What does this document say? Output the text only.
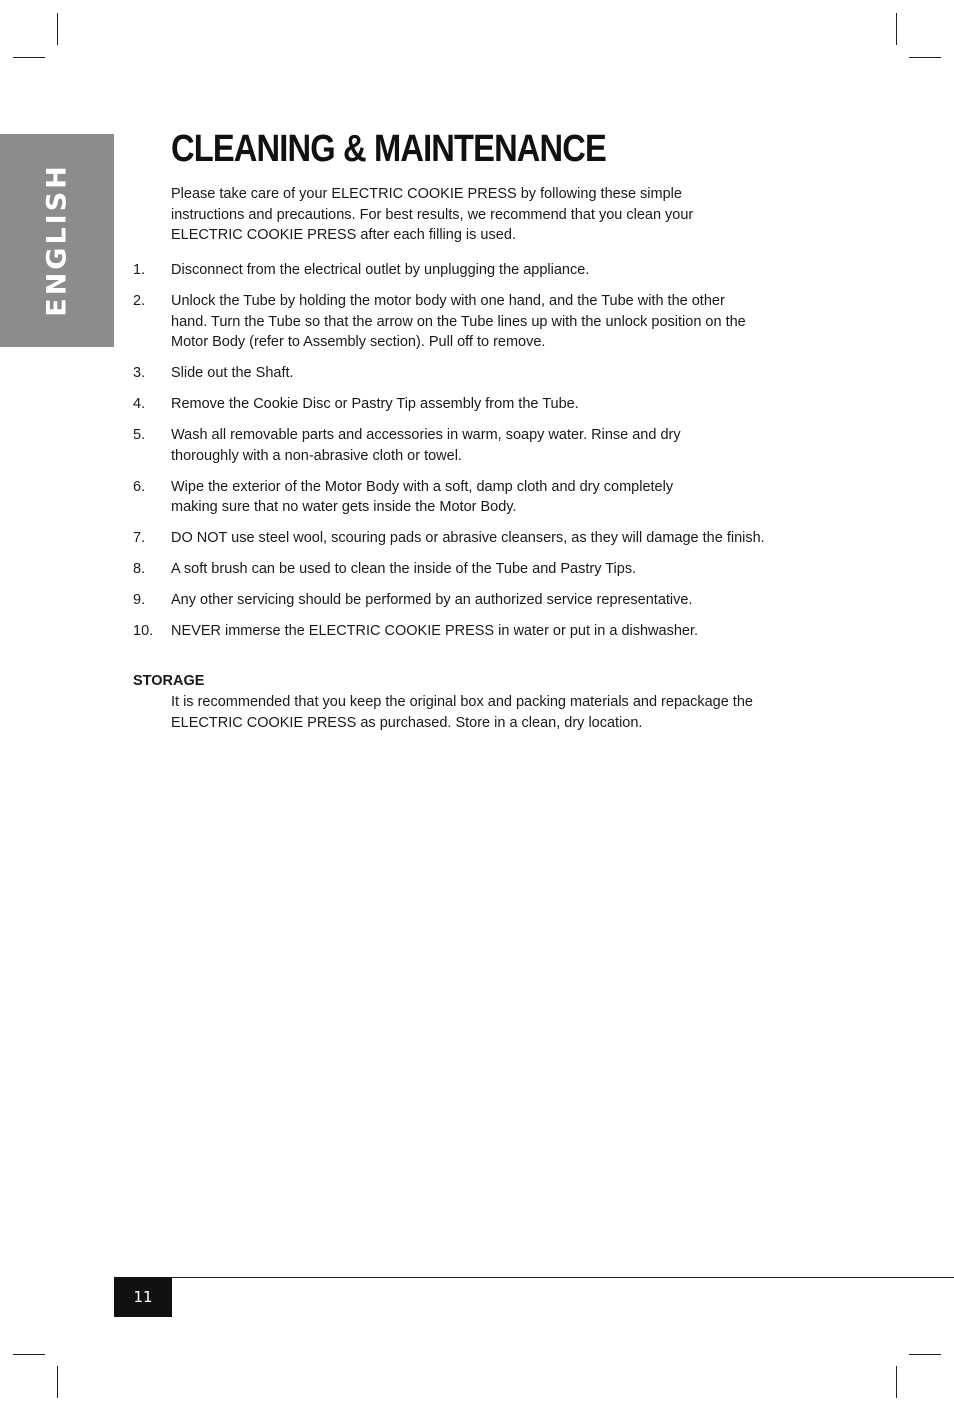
ENGLISH
CLEANING & MAINTENANCE

Please take care of your ELECTRIC COOKIE PRESS by following these simple instructions and precautions. For best results, we recommend that you clean your ELECTRIC COOKIE PRESS after each filling is used.

1. Disconnect from the electrical outlet by unplugging the appliance.
2. Unlock the Tube by holding the motor body with one hand, and the Tube with the other hand. Turn the Tube so that the arrow on the Tube lines up with the unlock position on the Motor Body (refer to Assembly section). Pull off to remove.
3. Slide out the Shaft.
4. Remove the Cookie Disc or Pastry Tip assembly from the Tube.
5. Wash all removable parts and accessories in warm, soapy water. Rinse and dry thoroughly with a non-abrasive cloth or towel.
6. Wipe the exterior of the Motor Body with a soft, damp cloth and dry completely making sure that no water gets inside the Motor Body.
7. DO NOT use steel wool, scouring pads or abrasive cleansers, as they will damage the finish.
8. A soft brush can be used to clean the inside of the Tube and Pastry Tips.
9. Any other servicing should be performed by an authorized service representative.
10. NEVER immerse the ELECTRIC COOKIE PRESS in water or put in a dishwasher.
STORAGE

It is recommended that you keep the original box and packing materials and repackage the ELECTRIC COOKIE PRESS as purchased. Store in a clean, dry location.

11
